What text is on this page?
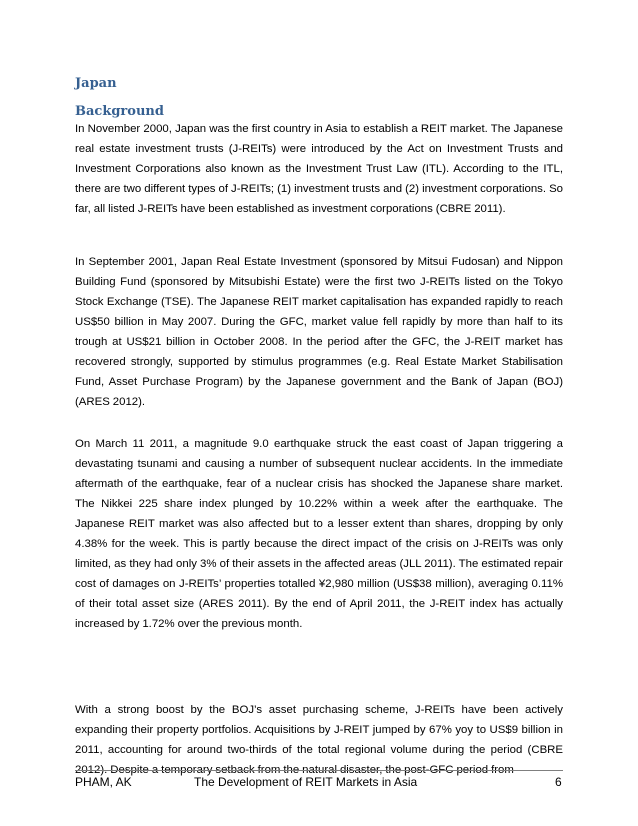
Japan
Background

In November 2000, Japan was the first country in Asia to establish a REIT market. The Japanese real estate investment trusts (J-REITs) were introduced by the Act on Investment Trusts and Investment Corporations also known as the Investment Trust Law (ITL). According to the ITL, there are two different types of J-REITs; (1) investment trusts and (2) investment corporations. So far, all listed J-REITs have been established as investment corporations (CBRE 2011).

In September 2001, Japan Real Estate Investment (sponsored by Mitsui Fudosan) and Nippon Building Fund (sponsored by Mitsubishi Estate) were the first two J-REITs listed on the Tokyo Stock Exchange (TSE). The Japanese REIT market capitalisation has expanded rapidly to reach US$50 billion in May 2007. During the GFC, market value fell rapidly by more than half to its trough at US$21 billion in October 2008. In the period after the GFC, the J-REIT market has recovered strongly, supported by stimulus programmes (e.g. Real Estate Market Stabilisation Fund, Asset Purchase Program) by the Japanese government and the Bank of Japan (BOJ) (ARES 2012).

On March 11 2011, a magnitude 9.0 earthquake struck the east coast of Japan triggering a devastating tsunami and causing a number of subsequent nuclear accidents. In the immediate aftermath of the earthquake, fear of a nuclear crisis has shocked the Japanese share market. The Nikkei 225 share index plunged by 10.22% within a week after the earthquake. The Japanese REIT market was also affected but to a lesser extent than shares, dropping by only 4.38% for the week. This is partly because the direct impact of the crisis on J-REITs was only limited, as they had only 3% of their assets in the affected areas (JLL 2011). The estimated repair cost of damages on J-REITs’ properties totalled ¥2,980 million (US$38 million), averaging 0.11% of their total asset size (ARES 2011). By the end of April 2011, the J-REIT index has actually increased by 1.72% over the previous month.

With a strong boost by the BOJ’s asset purchasing scheme, J-REITs have been actively expanding their property portfolios. Acquisitions by J-REIT jumped by 67% yoy to US$9 billion in 2011, accounting for around two-thirds of the total regional volume during the period (CBRE 2012). Despite a temporary setback from the natural disaster, the post-GFC period from

PHAM, AK	The Development of REIT Markets in Asia	6
